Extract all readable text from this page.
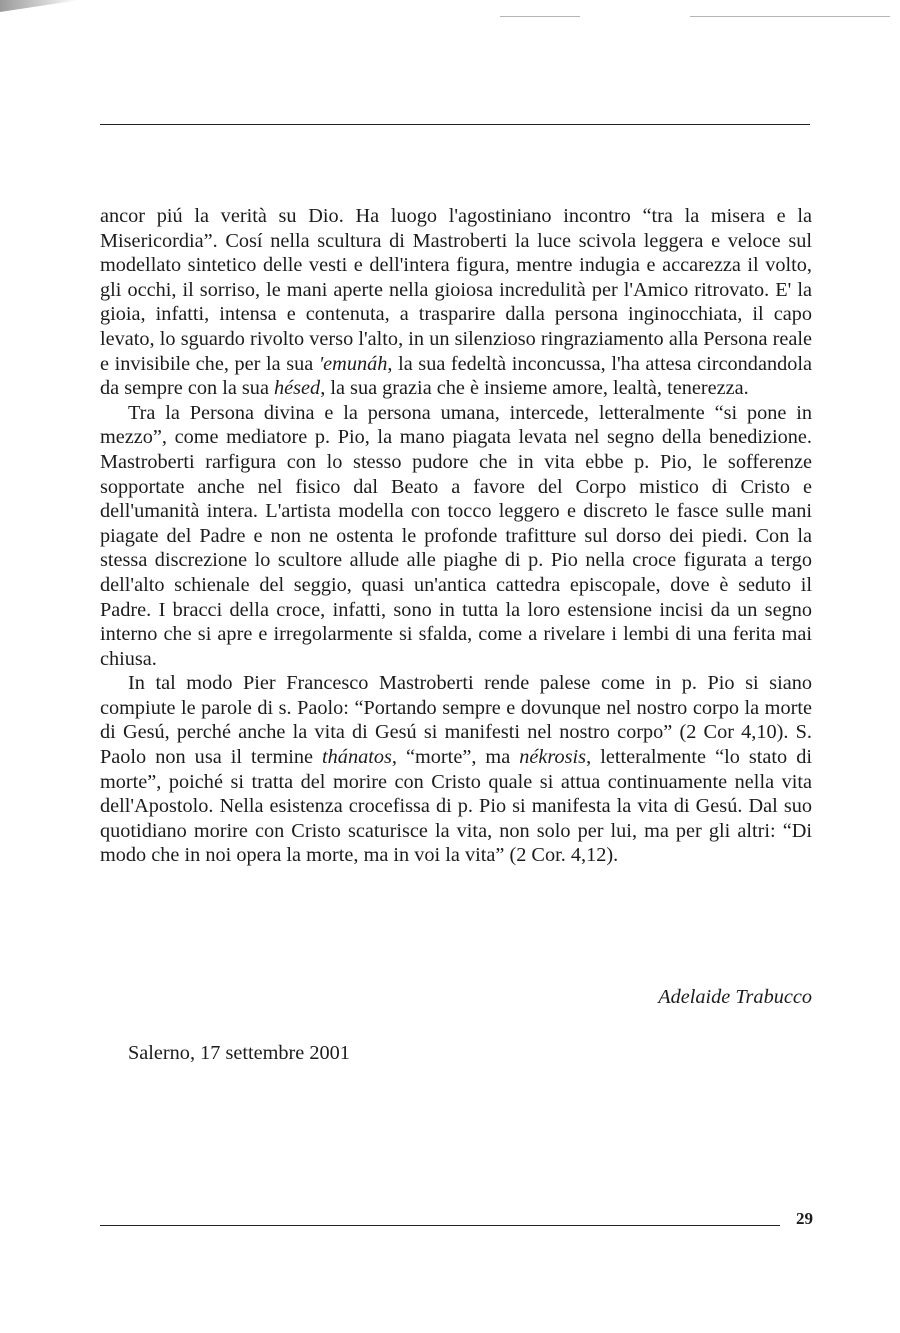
ancor piú la verità su Dio. Ha luogo l'agostiniano incontro “tra la misera e la Misericordia”. Cosí nella scultura di Mastroberti la luce scivola leggera e veloce sul modellato sintetico delle vesti e dell'intera figura, mentre indugia e accarezza il volto, gli occhi, il sorriso, le mani aperte nella gioiosa incredulità per l'Amico ritrovato. E' la gioia, infatti, intensa e contenuta, a trasparire dalla persona inginocchiata, il capo levato, lo sguardo rivolto verso l'alto, in un silenzioso ringraziamento alla Persona reale e invisibile che, per la sua 'emunáh, la sua fedeltà inconcussa, l'ha attesa circondandola da sempre con la sua hésed, la sua grazia che è insieme amore, lealtà, tenerezza.

Tra la Persona divina e la persona umana, intercede, letteralmente “si pone in mezzo”, come mediatore p. Pio, la mano piagata levata nel segno della benedizione. Mastroberti rarfigura con lo stesso pudore che in vita ebbe p. Pio, le sofferenze sopportate anche nel fisico dal Beato a favore del Corpo mistico di Cristo e dell'umanità intera. L'artista modella con tocco leggero e discreto le fasce sulle mani piagate del Padre e non ne ostenta le profonde trafitture sul dorso dei piedi. Con la stessa discrezione lo scultore allude alle piaghe di p. Pio nella croce figurata a tergo dell'alto schienale del seggio, quasi un'antica cattedra episcopale, dove è seduto il Padre. I bracci della croce, infatti, sono in tutta la loro estensione incisi da un segno interno che si apre e irregolarmente si sfalda, come a rivelare i lembi di una ferita mai chiusa.

In tal modo Pier Francesco Mastroberti rende palese come in p. Pio si siano compiute le parole di s. Paolo: “Portando sempre e dovunque nel nostro corpo la morte di Gesú, perché anche la vita di Gesú si manifesti nel nostro corpo” (2 Cor 4,10). S. Paolo non usa il termine thánatos, “morte”, ma nékrosis, letteralmente “lo stato di morte”, poiché si tratta del morire con Cristo quale si attua continuamente nella vita dell'Apostolo. Nella esistenza crocefissa di p. Pio si manifesta la vita di Gesú. Dal suo quotidiano morire con Cristo scaturisce la vita, non solo per lui, ma per gli altri: “Di modo che in noi opera la morte, ma in voi la vita” (2 Cor. 4,12).

Adelaide Trabucco
Salerno, 17 settembre 2001
29
